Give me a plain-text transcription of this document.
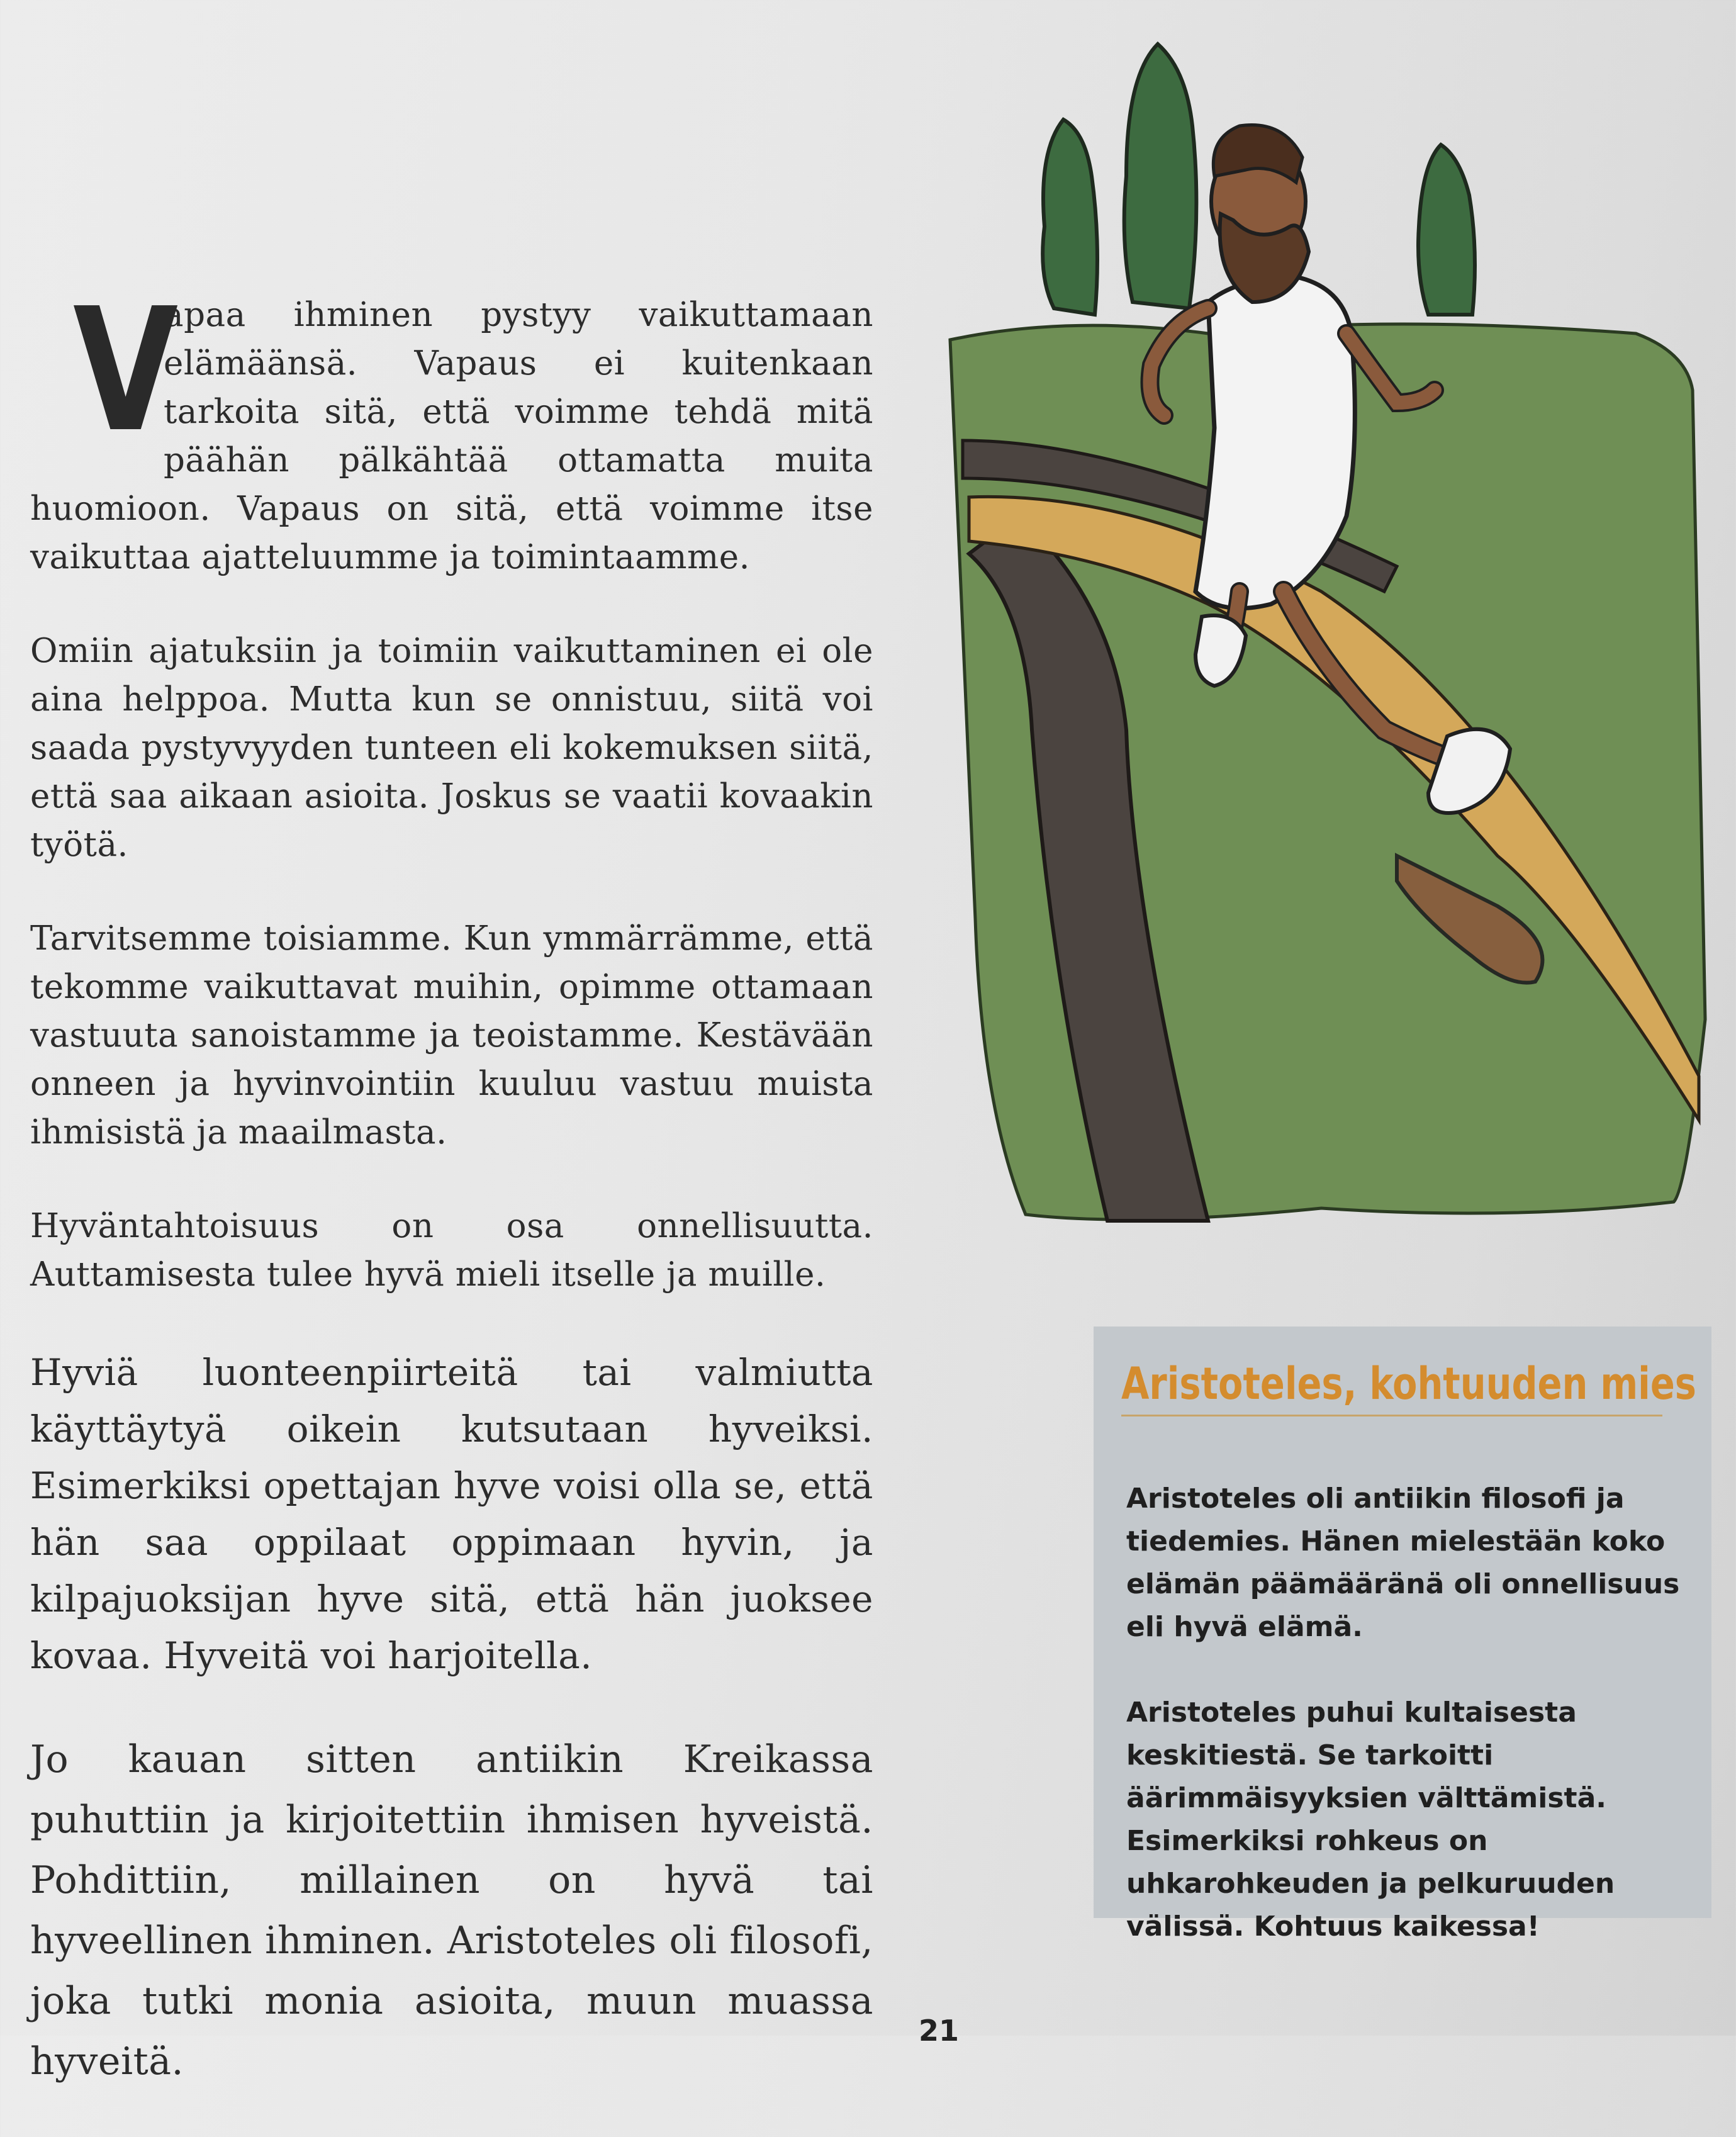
V
apaa ihminen pystyy vaikuttamaan elämäänsä. Vapaus ei kuitenkaan tarkoita sitä, että voimme tehdä mitä päähän pälkähtää ottamatta muita huomioon. Vapaus on sitä, että voimme itse vaikuttaa ajatteluumme ja toimintaamme.

Omiin ajatuksiin ja toimiin vaikuttaminen ei ole aina helppoa. Mutta kun se onnistuu, siitä voi saada pystyvyyden tunteen eli kokemuksen siitä, että saa aikaan asioita. Joskus se vaatii kovaakin työtä.

Tarvitsemme toisiamme. Kun ymmärrämme, että tekomme vaikuttavat muihin, opimme ottamaan vastuuta sanoistamme ja teoistamme. Kestävään onneen ja hyvinvointiin kuuluu vastuu muista ihmisistä ja maailmasta.

Hyväntahtoisuus on osa onnellisuutta. Auttamisesta tulee hyvä mieli itselle ja muille.

Hyviä luonteenpiirteitä tai valmiutta käyttäytyä oikein kutsutaan hyveiksi. Esimerkiksi opettajan hyve voisi olla se, että hän saa oppilaat oppimaan hyvin, ja kilpajuoksijan hyve sitä, että hän juoksee kovaa. Hyveitä voi harjoitella.

Jo kauan sitten antiikin Kreikassa puhuttiin ja kirjoitettiin ihmisen hyveistä. Pohdittiin, millainen on hyvä tai hyveellinen ihminen. Aristoteles oli filosofi, joka tutki monia asioita, muun muassa hyveitä.

Aristoteles, kohtuuden mies
Aristoteles oli antiikin filosofi ja tiedemies. Hänen mielestään koko elämän päämääränä oli onnellisuus eli hyvä elämä.
Aristoteles puhui kultaisesta keskitiestä. Se tarkoitti äärimmäisyyksien välttämistä. Esimerkiksi rohkeus on uhkarohkeuden ja pelkuruuden välissä. Kohtuus kaikessa!
21
